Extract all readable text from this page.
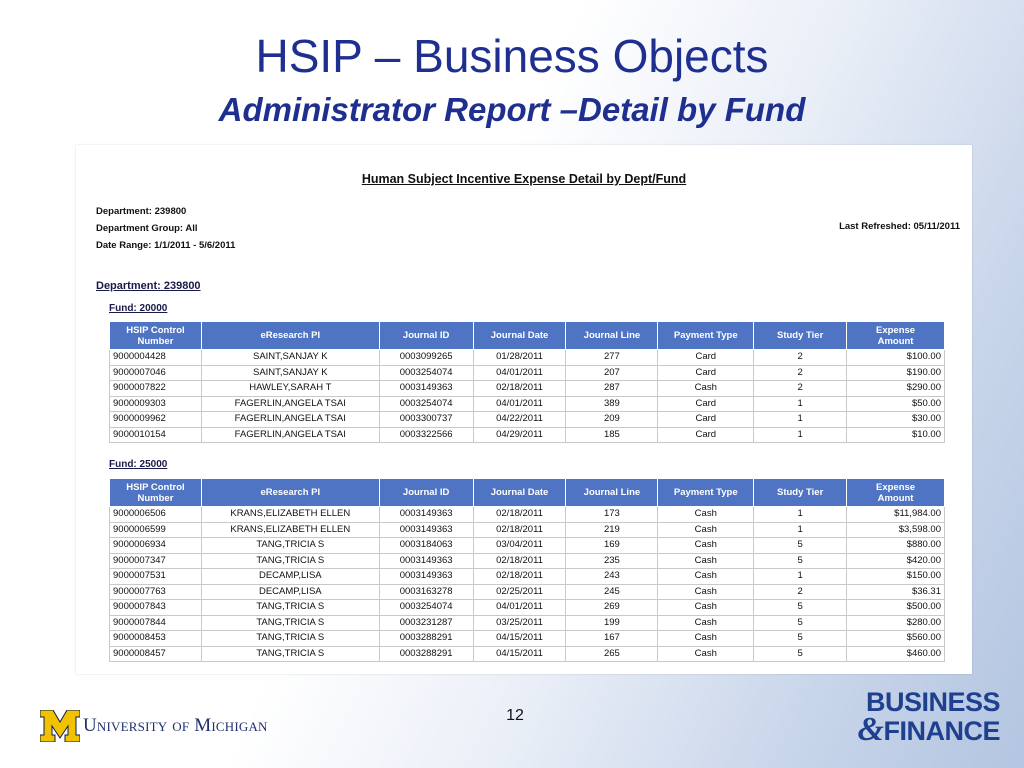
HSIP – Business Objects
Administrator Report –Detail by Fund
Human Subject Incentive Expense Detail by Dept/Fund
Department: 239800
Department Group: All
Date Range: 1/1/2011 - 5/6/2011
Last Refreshed: 05/11/2011
Department: 239800
Fund: 20000
HSIP Control
Number	eResearch PI	Journal ID	Journal Date	Journal Line	Payment Type	Study Tier	Expense
Amount
9000004428	SAINT,SANJAY K	0003099265	01/28/2011	277	Card	2	$100.00
9000007046	SAINT,SANJAY K	0003254074	04/01/2011	207	Card	2	$190.00
9000007822	HAWLEY,SARAH T	0003149363	02/18/2011	287	Cash	2	$290.00
9000009303	FAGERLIN,ANGELA TSAI	0003254074	04/01/2011	389	Card	1	$50.00
9000009962	FAGERLIN,ANGELA TSAI	0003300737	04/22/2011	209	Card	1	$30.00
9000010154	FAGERLIN,ANGELA TSAI	0003322566	04/29/2011	185	Card	1	$10.00
Fund: 25000
HSIP Control
Number	eResearch PI	Journal ID	Journal Date	Journal Line	Payment Type	Study Tier	Expense
Amount
9000006506	KRANS,ELIZABETH ELLEN	0003149363	02/18/2011	173	Cash	1	$11,984.00
9000006599	KRANS,ELIZABETH ELLEN	0003149363	02/18/2011	219	Cash	1	$3,598.00
9000006934	TANG,TRICIA S	0003184063	03/04/2011	169	Cash	5	$880.00
9000007347	TANG,TRICIA S	0003149363	02/18/2011	235	Cash	5	$420.00
9000007531	DECAMP,LISA	0003149363	02/18/2011	243	Cash	1	$150.00
9000007763	DECAMP,LISA	0003163278	02/25/2011	245	Cash	2	$36.31
9000007843	TANG,TRICIA S	0003254074	04/01/2011	269	Cash	5	$500.00
9000007844	TANG,TRICIA S	0003231287	03/25/2011	199	Cash	5	$280.00
9000008453	TANG,TRICIA S	0003288291	04/15/2011	167	Cash	5	$560.00
9000008457	TANG,TRICIA S	0003288291	04/15/2011	265	Cash	5	$460.00
University of Michigan	12	BUSINESS
&FINANCE
